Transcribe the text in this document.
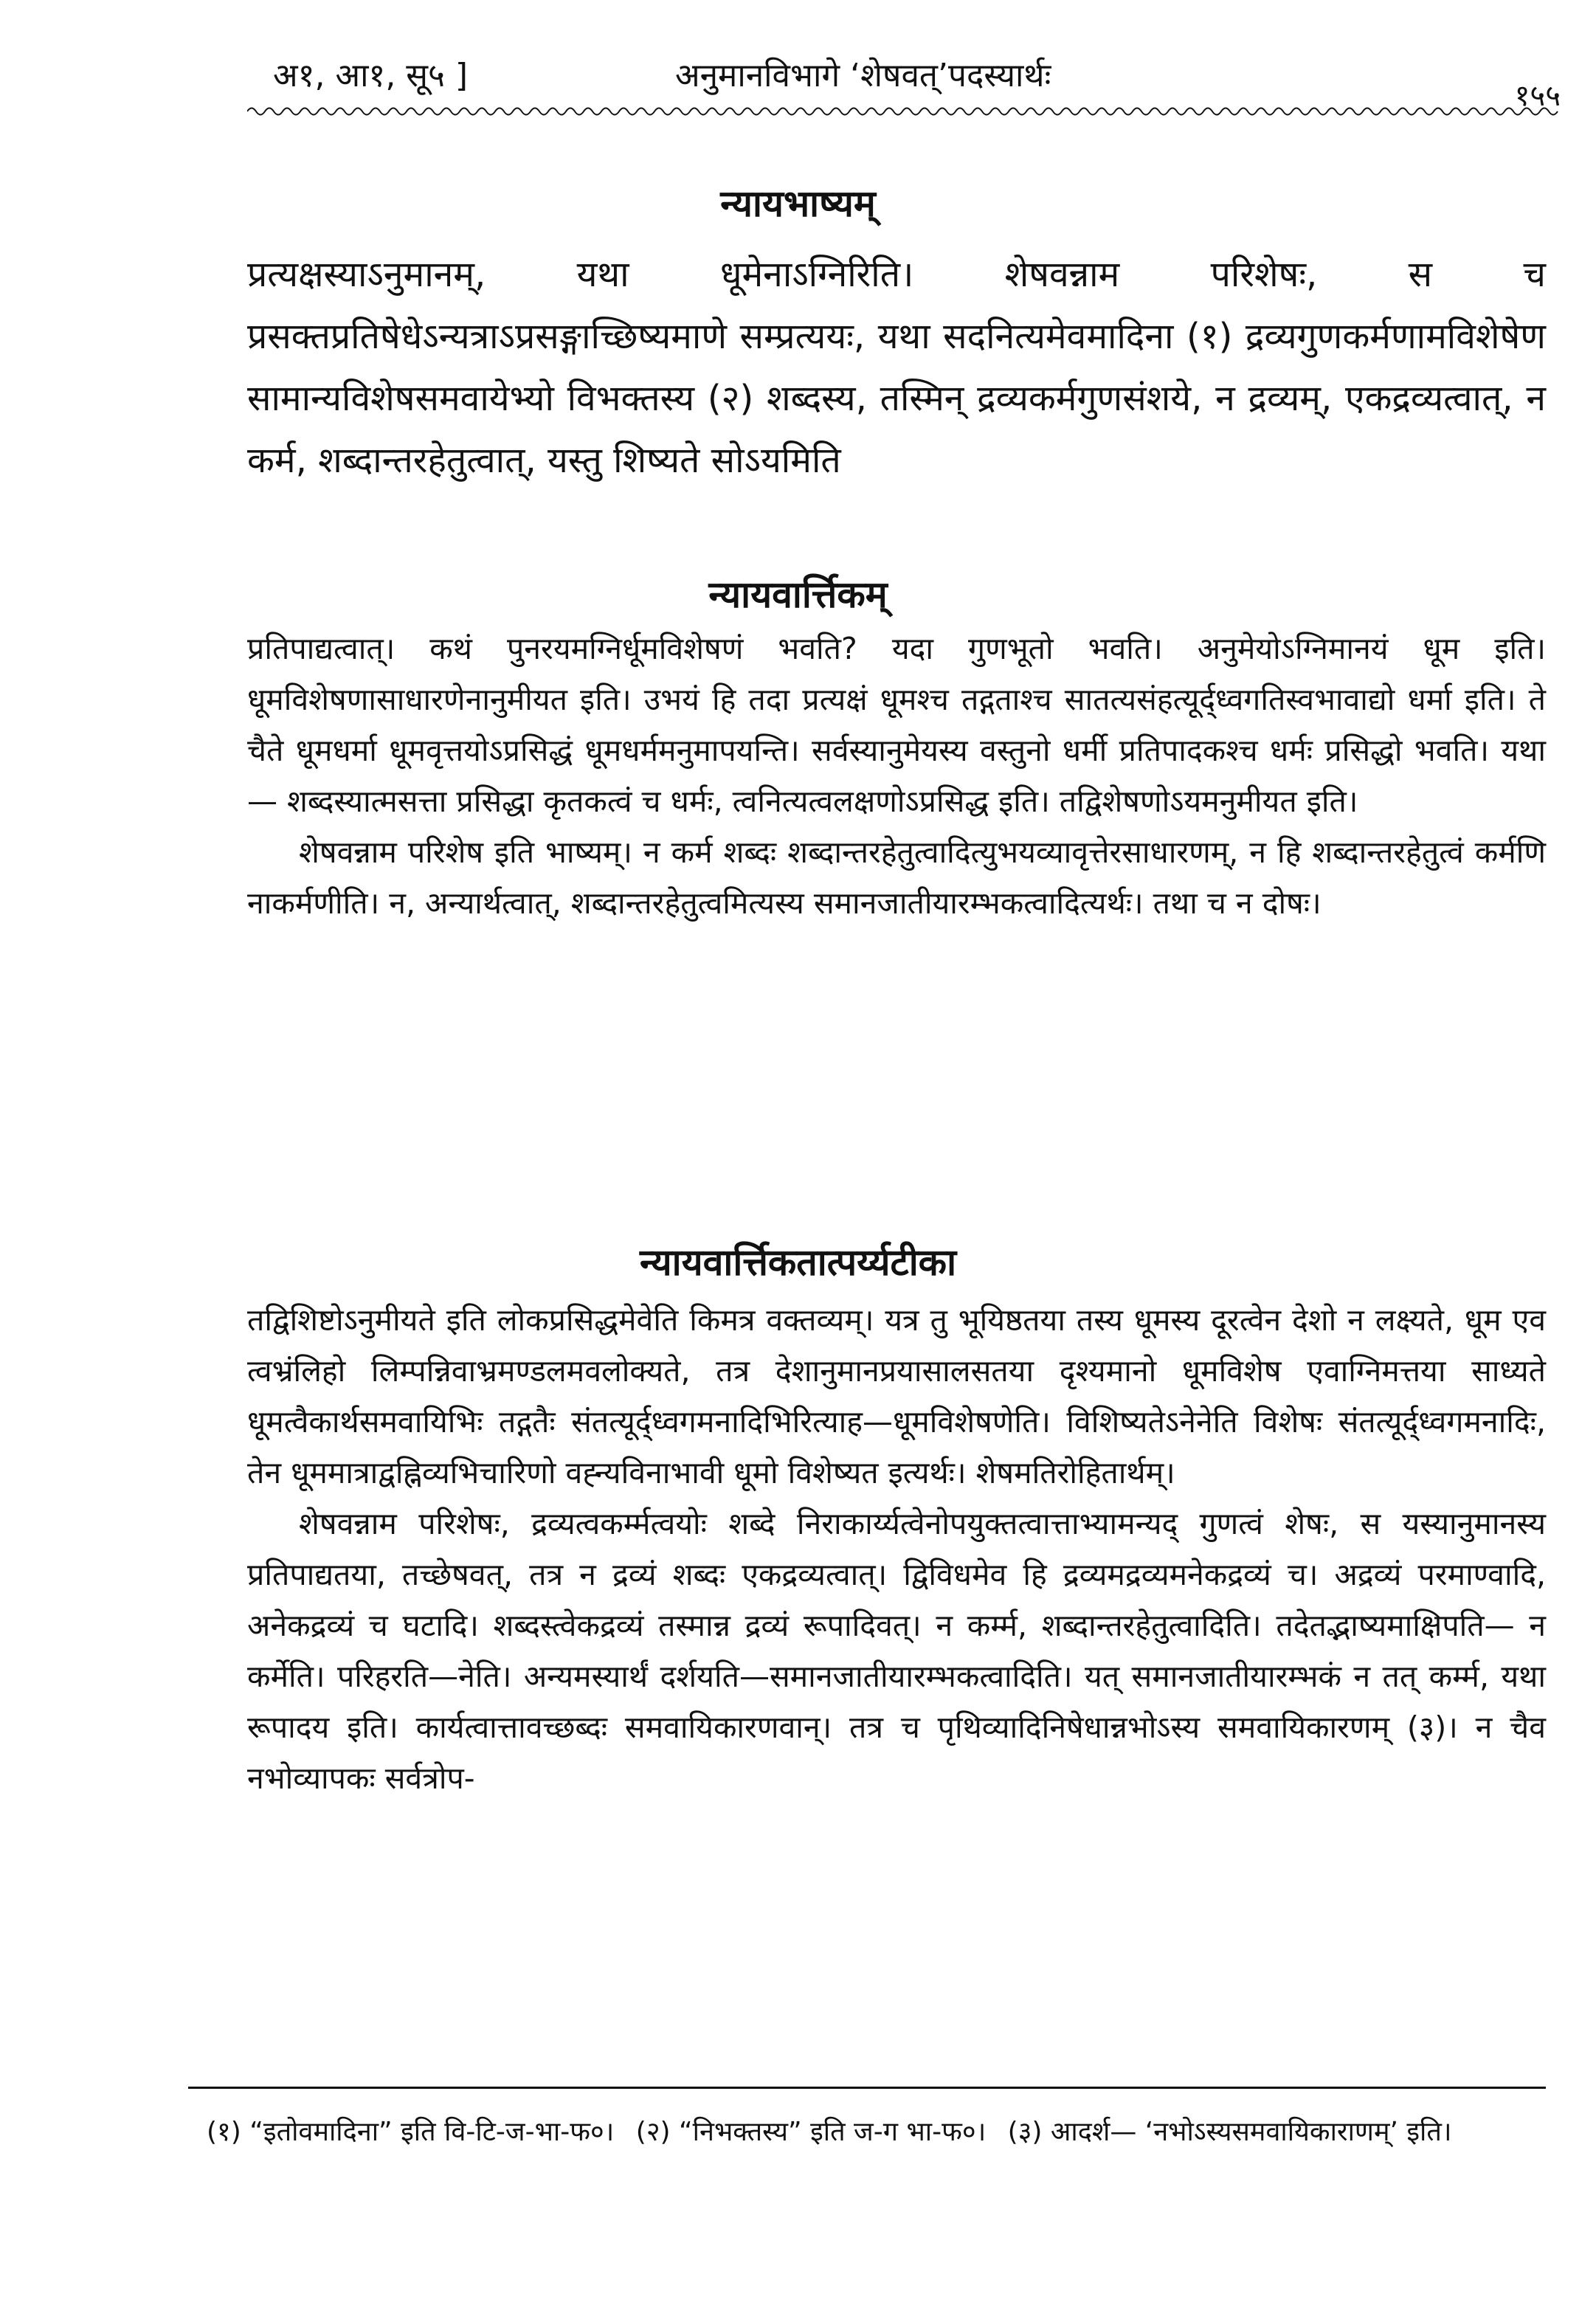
अ१, आ१, सू५ ]	अनुमानविभागे ‘शेषवत्’पदस्यार्थः
१५५
न्यायभाष्यम्

प्रत्यक्षस्याऽनुमानम्, यथा धूमेनाऽग्निरिति। शेषवन्नाम परिशेषः, स च प्रसक्तप्रतिषेधेऽन्यत्राऽप्रसङ्गाच्छिष्यमाणे सम्प्रत्ययः, यथा सदनित्यमेवमादिना (१) द्रव्यगुणकर्मणामविशेषेण सामान्यविशेषसमवायेभ्यो विभक्तस्य (२) शब्दस्य, तस्मिन् द्रव्यकर्मगुणसंशये, न द्रव्यम्, एकद्रव्यत्वात्, न कर्म, शब्दान्तरहेतुत्वात्, यस्तु शिष्यते सोऽयमिति

न्यायवार्त्तिकम्

प्रतिपाद्यत्वात्। कथं पुनरयमग्निर्धूमविशेषणं भवति? यदा गुणभूतो भवति। अनुमेयोऽग्निमानयं धूम इति। धूमविशेषणासाधारणेनानुमीयत इति। उभयं हि तदा प्रत्यक्षं धूमश्च तद्गताश्च सातत्यसंहत्यूर्द्ध्वगतिस्वभावाद्यो धर्मा इति। ते चैते धूमधर्मा धूमवृत्तयोऽप्रसिद्धं धूमधर्ममनुमापयन्ति। सर्वस्यानुमेयस्य वस्तुनो धर्मी प्रतिपादकश्च धर्मः प्रसिद्धो भवति। यथा— शब्दस्यात्मसत्ता प्रसिद्धा कृतकत्वं च धर्मः, त्वनित्यत्वलक्षणोऽप्रसिद्ध इति। तद्विशेषणोऽयमनुमीयत इति।

शेषवन्नाम परिशेष इति भाष्यम्। न कर्म शब्दः शब्दान्तरहेतुत्वादित्युभयव्यावृत्तेरसाधारणम्, न हि शब्दान्तरहेतुत्वं कर्मणि नाकर्मणीति। न, अन्यार्थत्वात्, शब्दान्तरहेतुत्वमित्यस्य समानजातीयारम्भकत्वादित्यर्थः। तथा च न दोषः।

न्यायवार्त्तिकतात्पर्य्यटीका

तद्विशिष्टोऽनुमीयते इति लोकप्रसिद्धमेवेति किमत्र वक्तव्यम्। यत्र तु भूयिष्ठतया तस्य धूमस्य दूरत्वेन देशो न लक्ष्यते, धूम एव त्वभ्रंलिहो लिम्पन्निवाभ्रमण्डलमवलोक्यते, तत्र देशानुमानप्रयासालसतया दृश्यमानो धूमविशेष एवाग्निमत्तया साध्यते धूमत्वैकार्थसमवायिभिः तद्गतैः संतत्यूर्द्ध्वगमनादिभिरित्याह—धूमविशेषणेति। विशिष्यतेऽनेनेति विशेषः संतत्यूर्द्ध्वगमनादिः, तेन धूममात्राद्वह्निव्यभिचारिणो वह्न्यविनाभावी धूमो विशेष्यत इत्यर्थः। शेषमतिरोहितार्थम्।

शेषवन्नाम परिशेषः, द्रव्यत्वकर्म्मत्वयोः शब्दे निराकार्य्यत्वेनोपयुक्तत्वात्ताभ्यामन्यद् गुणत्वं शेषः, स यस्यानुमानस्य प्रतिपाद्यतया, तच्छेषवत्, तत्र न द्रव्यं शब्दः एकद्रव्यत्वात्। द्विविधमेव हि द्रव्यमद्रव्यमनेकद्रव्यं च। अद्रव्यं परमाण्वादि, अनेकद्रव्यं च घटादि। शब्दस्त्वेकद्रव्यं तस्मान्न द्रव्यं रूपादिवत्। न कर्म्म, शब्दान्तरहेतुत्वादिति। तदेतद्भाष्यमाक्षिपति— न कर्मेति। परिहरति—नेति। अन्यमस्यार्थं दर्शयति—समानजातीयारम्भकत्वादिति। यत् समानजातीयारम्भकं न तत् कर्म्म, यथा रूपादय इति। कार्यत्वात्तावच्छब्दः समवायिकारणवान्। तत्र च पृथिव्यादिनिषेधान्नभोऽस्य समवायिकारणम् (३)। न चैव नभोव्यापकः सर्वत्रोप-

(१) “इतोवमादिना” इति वि-टि-ज-भा-फ०। (२) “निभक्तस्य” इति ज-ग भा-फ०। (३) आदर्श— ‘नभोऽस्यसमवायिकाराणम्’ इति।
